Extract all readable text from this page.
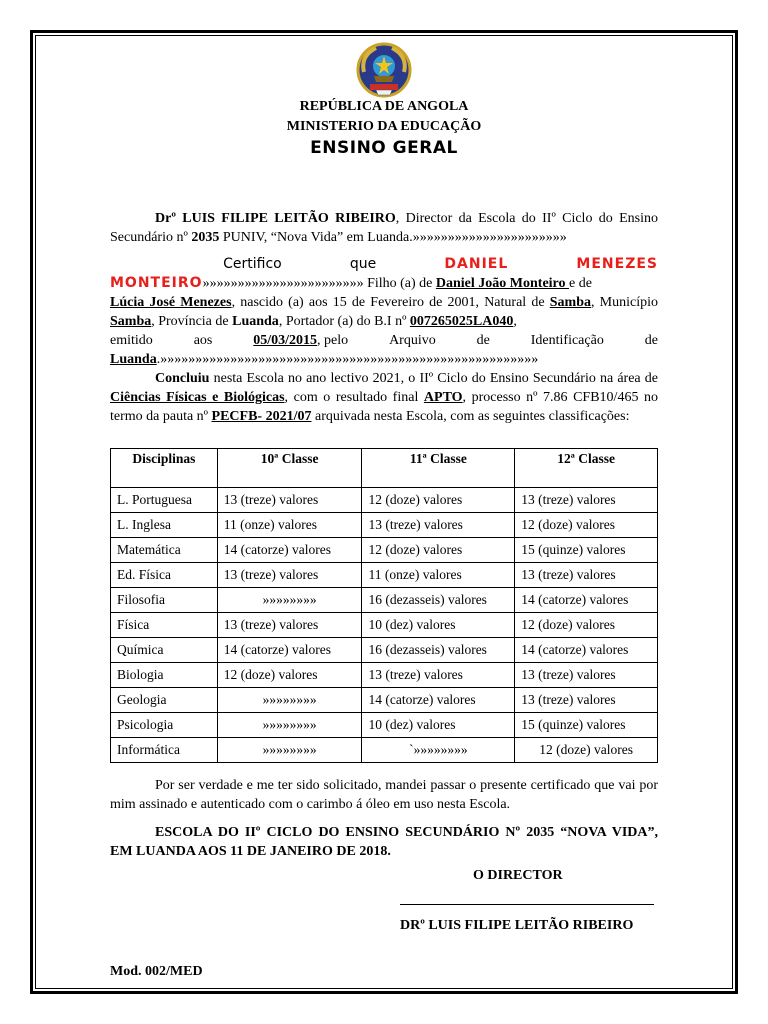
REPÚBLICA DE ANGOLA
MINISTERIO DA EDUCAÇÃO
ENSINO GERAL
Drº LUIS FILIPE LEITÃO RIBEIRO, Director da Escola do IIº Ciclo do Ensino Secundário nº 2035 PUNIV, “Nova Vida” em Luanda.»»»»»»»»»»»»»»»»»»»»»»
Certifico	que	DANIEL	MENEZES
MONTEIRO»»»»»»»»»»»»»»»»»»»»»»» Filho (a) de Daniel João Monteiro e de
Lúcia José Menezes, nascido (a) aos 15 de Fevereiro de 2001, Natural de Samba, Município Samba, Província de Luanda, Portador (a) do B.I nº 007265025LA040,
emitido	aos	05/03/2015, pelo	Arquivo	de	Identificação	de
Luanda.»»»»»»»»»»»»»»»»»»»»»»»»»»»»»»»»»»»»»»»»»»»»»»»»»»»»»»
Concluiu nesta Escola no ano lectivo 2021, o IIº Ciclo do Ensino Secundário na área de Ciências Físicas e Biológicas, com o resultado final APTO, processo nº 7.86 CFB10/465 no termo da pauta nº PECFB- 2021/07 arquivada nesta Escola, com as seguintes classificações:
Disciplinas	10ª Classe	11ª Classe	12ª Classe
L. Portuguesa	13 (treze) valores	12 (doze) valores	13 (treze) valores
L. Inglesa	11 (onze) valores	13 (treze) valores	12 (doze) valores
Matemática	14 (catorze) valores	12 (doze) valores	15 (quinze) valores
Ed. Física	13 (treze) valores	11 (onze) valores	13 (treze) valores
Filosofia	»»»»»»»»	16 (dezasseis) valores	14 (catorze) valores
Física	13 (treze) valores	10 (dez) valores	12 (doze) valores
Química	14 (catorze) valores	16 (dezasseis) valores	14 (catorze) valores
Biologia	12 (doze) valores	13 (treze) valores	13 (treze) valores
Geologia	»»»»»»»»	14 (catorze) valores	13 (treze) valores
Psicologia	»»»»»»»»	10 (dez) valores	15 (quinze) valores
Informática	»»»»»»»»	`»»»»»»»»	12 (doze) valores
Por ser verdade e me ter sido solicitado, mandei passar o presente certificado que vai por mim assinado e autenticado com o carimbo á óleo em uso nesta Escola.
ESCOLA DO IIº CICLO DO ENSINO SECUNDÁRIO Nº 2035 “NOVA VIDA”, EM LUANDA AOS 11 DE JANEIRO DE 2018.
O DIRECTOR
DRº LUIS FILIPE LEITÃO RIBEIRO
Mod. 002/MED
